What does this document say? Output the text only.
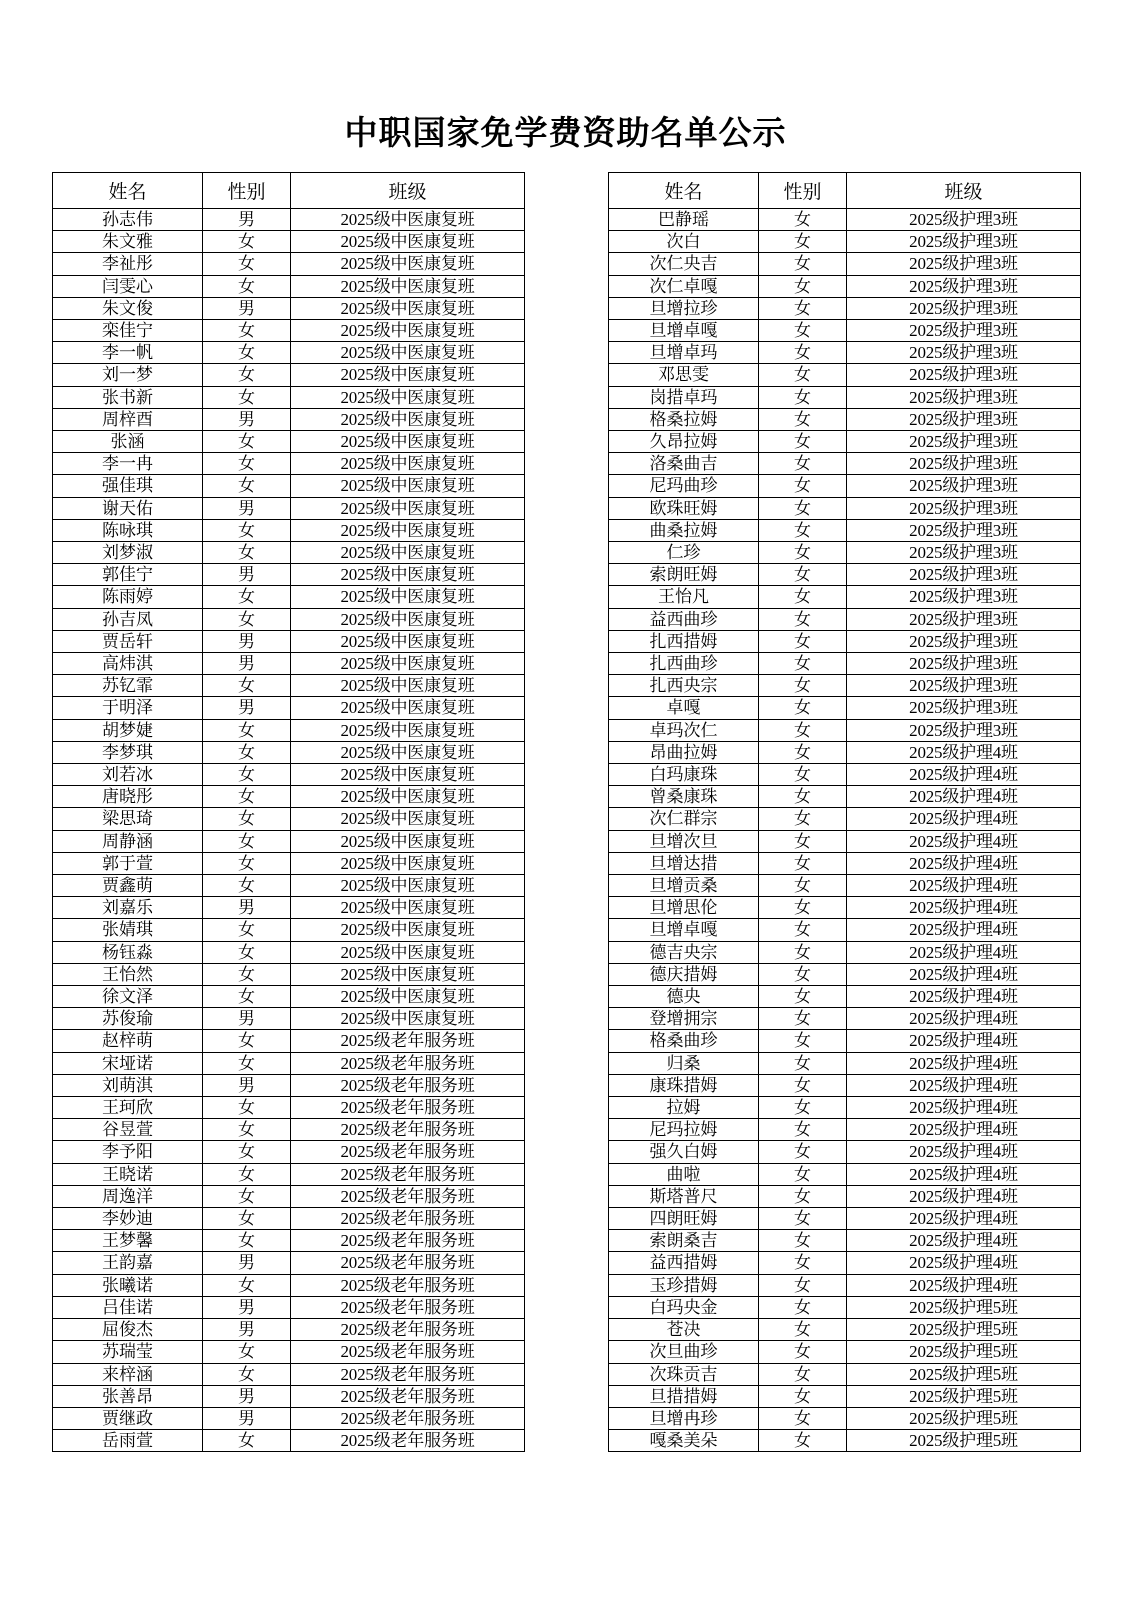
中职国家免学费资助名单公示
姓名	性别	班级
孙志伟	男	2025级中医康复班
朱文雅	女	2025级中医康复班
李祉彤	女	2025级中医康复班
闫雯心	女	2025级中医康复班
朱文俊	男	2025级中医康复班
栾佳宁	女	2025级中医康复班
李一帆	女	2025级中医康复班
刘一梦	女	2025级中医康复班
张书新	女	2025级中医康复班
周梓酉	男	2025级中医康复班
张涵	女	2025级中医康复班
李一冉	女	2025级中医康复班
强佳琪	女	2025级中医康复班
谢天佑	男	2025级中医康复班
陈咏琪	女	2025级中医康复班
刘梦淑	女	2025级中医康复班
郭佳宁	男	2025级中医康复班
陈雨婷	女	2025级中医康复班
孙吉凤	女	2025级中医康复班
贾岳轩	男	2025级中医康复班
高炜淇	男	2025级中医康复班
苏钇霏	女	2025级中医康复班
于明泽	男	2025级中医康复班
胡梦婕	女	2025级中医康复班
李梦琪	女	2025级中医康复班
刘若冰	女	2025级中医康复班
唐晓彤	女	2025级中医康复班
梁思琦	女	2025级中医康复班
周静涵	女	2025级中医康复班
郭于萱	女	2025级中医康复班
贾鑫萌	女	2025级中医康复班
刘嘉乐	男	2025级中医康复班
张婧琪	女	2025级中医康复班
杨钰淼	女	2025级中医康复班
王怡然	女	2025级中医康复班
徐文泽	女	2025级中医康复班
苏俊瑜	男	2025级中医康复班
赵梓萌	女	2025级老年服务班
宋垭诺	女	2025级老年服务班
刘萌淇	男	2025级老年服务班
王珂欣	女	2025级老年服务班
谷昱萱	女	2025级老年服务班
李予阳	女	2025级老年服务班
王晓诺	女	2025级老年服务班
周逸洋	女	2025级老年服务班
李妙迪	女	2025级老年服务班
王梦馨	女	2025级老年服务班
王韵嘉	男	2025级老年服务班
张曦诺	女	2025级老年服务班
吕佳诺	男	2025级老年服务班
屈俊杰	男	2025级老年服务班
苏瑞莹	女	2025级老年服务班
来梓涵	女	2025级老年服务班
张善昂	男	2025级老年服务班
贾继政	男	2025级老年服务班
岳雨萱	女	2025级老年服务班
姓名	性别	班级
巴静瑶	女	2025级护理3班
次白	女	2025级护理3班
次仁央吉	女	2025级护理3班
次仁卓嘎	女	2025级护理3班
旦增拉珍	女	2025级护理3班
旦增卓嘎	女	2025级护理3班
旦增卓玛	女	2025级护理3班
邓思雯	女	2025级护理3班
岗措卓玛	女	2025级护理3班
格桑拉姆	女	2025级护理3班
久昂拉姆	女	2025级护理3班
洛桑曲吉	女	2025级护理3班
尼玛曲珍	女	2025级护理3班
欧珠旺姆	女	2025级护理3班
曲桑拉姆	女	2025级护理3班
仁珍	女	2025级护理3班
索朗旺姆	女	2025级护理3班
王怡凡	女	2025级护理3班
益西曲珍	女	2025级护理3班
扎西措姆	女	2025级护理3班
扎西曲珍	女	2025级护理3班
扎西央宗	女	2025级护理3班
卓嘎	女	2025级护理3班
卓玛次仁	女	2025级护理3班
昂曲拉姆	女	2025级护理4班
白玛康珠	女	2025级护理4班
曾桑康珠	女	2025级护理4班
次仁群宗	女	2025级护理4班
旦增次旦	女	2025级护理4班
旦增达措	女	2025级护理4班
旦增贡桑	女	2025级护理4班
旦增思伦	女	2025级护理4班
旦增卓嘎	女	2025级护理4班
德吉央宗	女	2025级护理4班
德庆措姆	女	2025级护理4班
德央	女	2025级护理4班
登增拥宗	女	2025级护理4班
格桑曲珍	女	2025级护理4班
归桑	女	2025级护理4班
康珠措姆	女	2025级护理4班
拉姆	女	2025级护理4班
尼玛拉姆	女	2025级护理4班
强久白姆	女	2025级护理4班
曲啦	女	2025级护理4班
斯塔普尺	女	2025级护理4班
四朗旺姆	女	2025级护理4班
索朗桑吉	女	2025级护理4班
益西措姆	女	2025级护理4班
玉珍措姆	女	2025级护理4班
白玛央金	女	2025级护理5班
苍决	女	2025级护理5班
次旦曲珍	女	2025级护理5班
次珠贡吉	女	2025级护理5班
旦措措姆	女	2025级护理5班
旦增冉珍	女	2025级护理5班
嘎桑美朵	女	2025级护理5班
